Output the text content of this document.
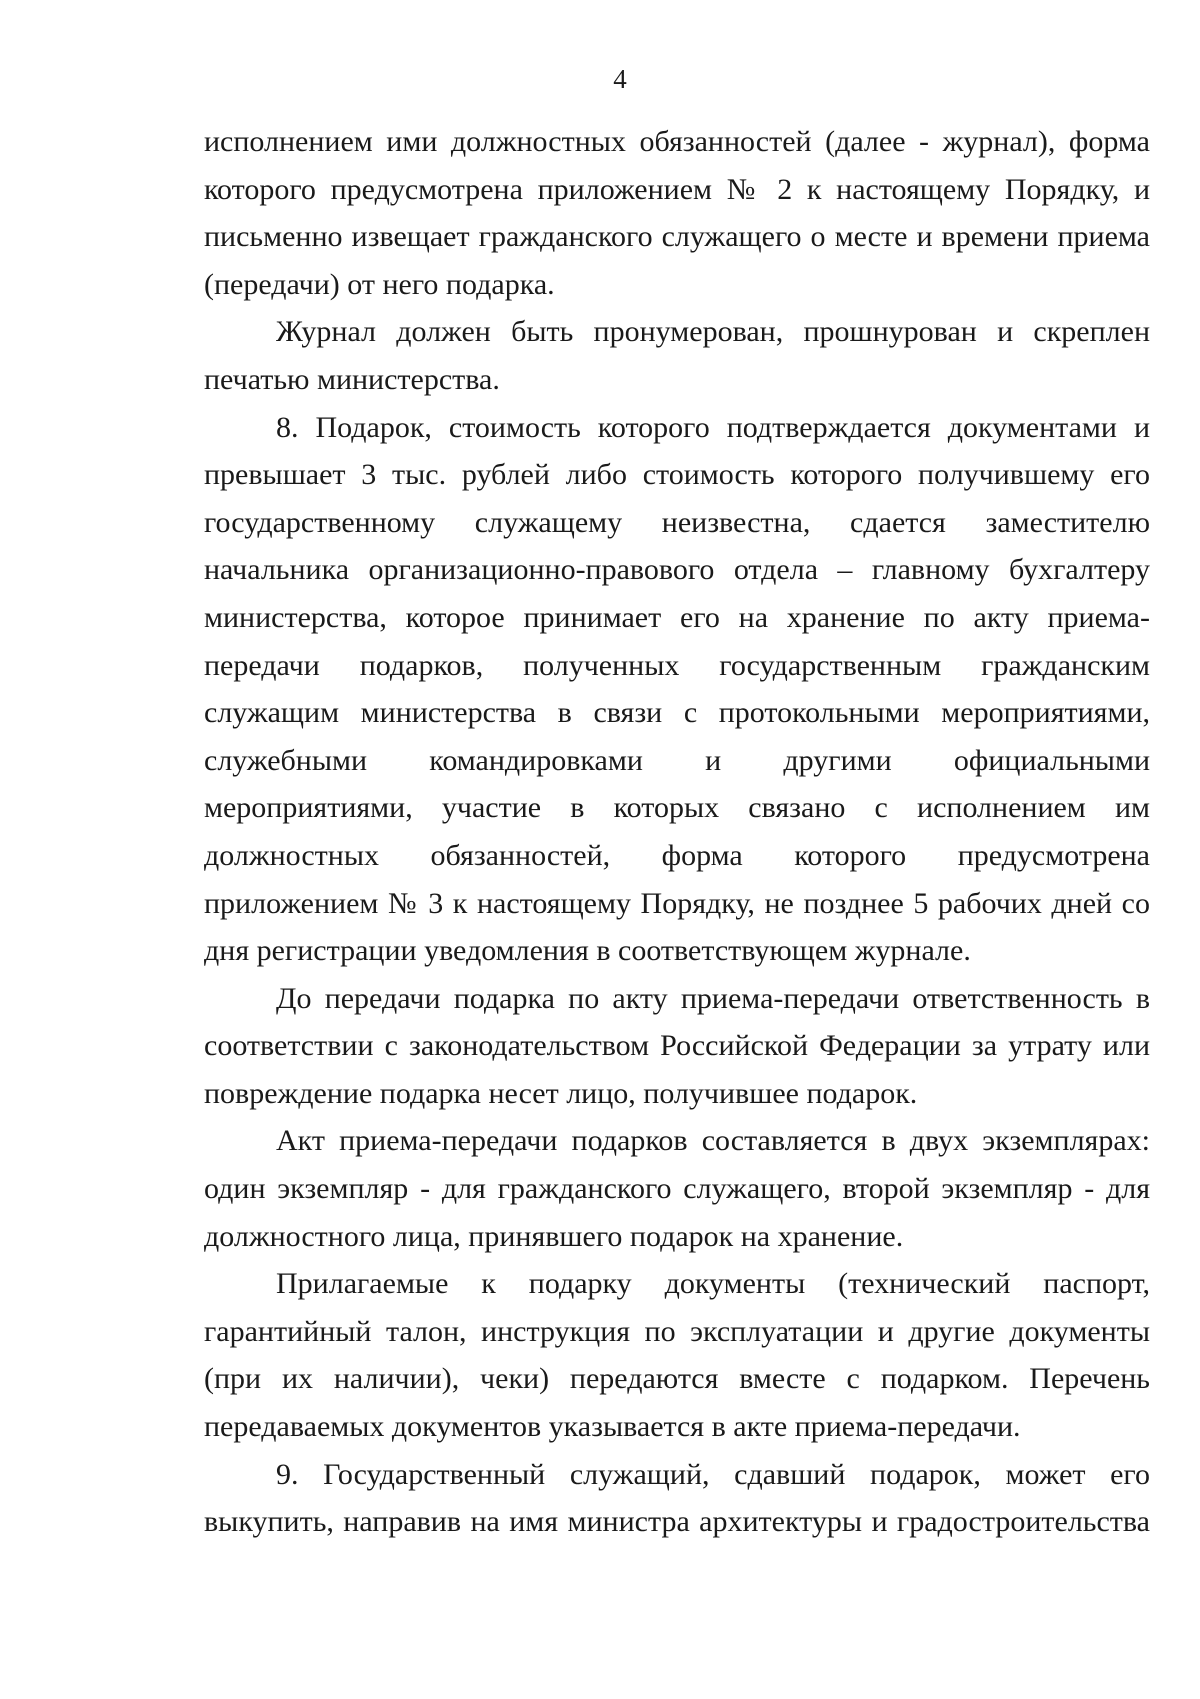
4

исполнением ими должностных обязанностей (далее - журнал), форма
которого предусмотрена приложением № 2 к настоящему Порядку, и
письменно извещает гражданского служащего о месте и времени приема
(передачи) от него подарка.

Журнал должен быть пронумерован, прошнурован и скреплен
печатью министерства.

8. Подарок, стоимость которого подтверждается документами и
превышает 3 тыс. рублей либо стоимость которого получившему его
государственному служащему неизвестна, сдается заместителю
начальника организационно-правового отдела – главному бухгалтеру
министерства, которое принимает его на хранение по акту приема-
передачи подарков, полученных государственным гражданским
служащим министерства в связи с протокольными мероприятиями,
служебными командировками и другими официальными
мероприятиями, участие в которых связано с исполнением им
должностных обязанностей, форма которого предусмотрена
приложением № 3 к настоящему Порядку, не позднее 5 рабочих дней со
дня регистрации уведомления в соответствующем журнале.

До передачи подарка по акту приема-передачи ответственность в
соответствии с законодательством Российской Федерации за утрату или
повреждение подарка несет лицо, получившее подарок.

Акт приема-передачи подарков составляется в двух экземплярах:
один экземпляр - для гражданского служащего, второй экземпляр - для
должностного лица, принявшего подарок на хранение.

Прилагаемые к подарку документы (технический паспорт,
гарантийный талон, инструкция по эксплуатации и другие документы
(при их наличии), чеки) передаются вместе с подарком. Перечень
передаваемых документов указывается в акте приема-передачи.

9. Государственный служащий, сдавший подарок, может его
выкупить, направив на имя министра архитектуры и градостроительства
